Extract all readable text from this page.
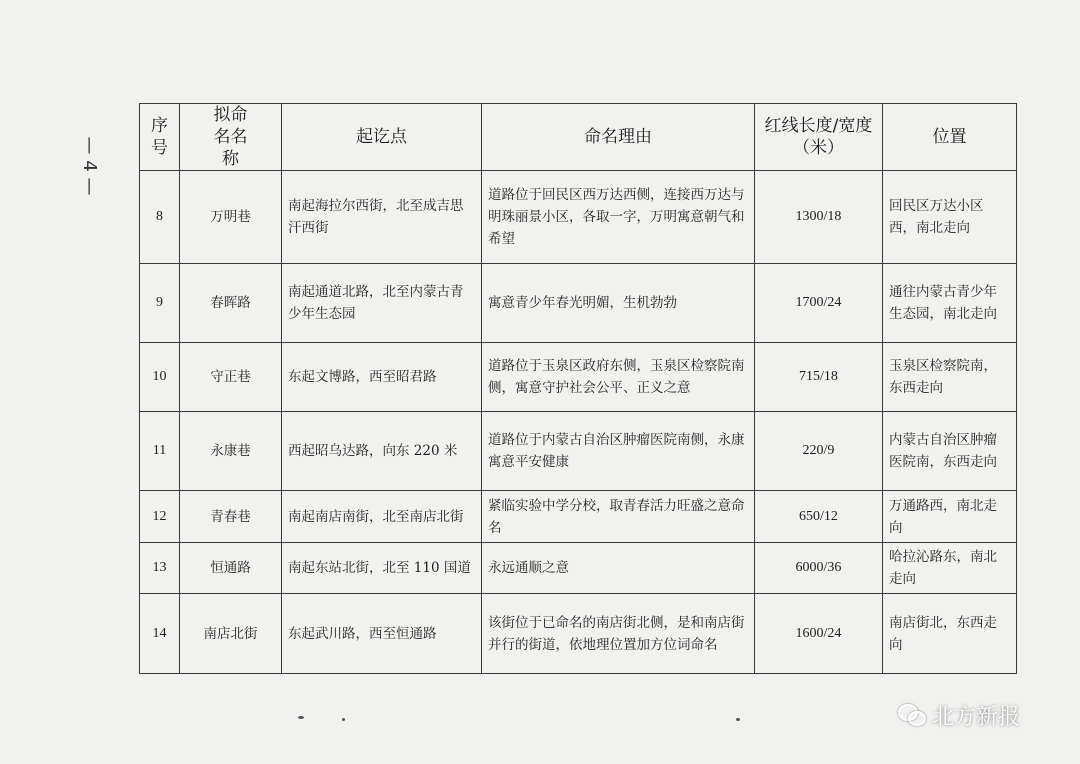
— 4 —
序号	拟命名名称	起讫点	命名理由	红线长度/宽度（米）	位置
8	万明巷	南起海拉尔西街，北至成吉思汗西街	道路位于回民区西万达西侧，连接西万达与明珠丽景小区，各取一字，万明寓意朝气和希望	1300/18	回民区万达小区西，南北走向
9	春晖路	南起通道北路，北至内蒙古青少年生态园	寓意青少年春光明媚，生机勃勃	1700/24	通往内蒙古青少年生态园，南北走向
10	守正巷	东起文博路，西至昭君路	道路位于玉泉区政府东侧，玉泉区检察院南侧，寓意守护社会公平、正义之意	715/18	玉泉区检察院南，东西走向
11	永康巷	西起昭乌达路，向东 220 米	道路位于内蒙古自治区肿瘤医院南侧，永康寓意平安健康	220/9	内蒙古自治区肿瘤医院南，东西走向
12	青春巷	南起南店南街，北至南店北街	紧临实验中学分校，取青春活力旺盛之意命名	650/12	万通路西，南北走向
13	恒通路	南起东站北街，北至 110 国道	永远通顺之意	6000/36	哈拉沁路东，南北走向
14	南店北街	东起武川路，西至恒通路	该街位于已命名的南店街北侧，是和南店街并行的街道，依地理位置加方位词命名	1600/24	南店街北，东西走向
北方新报
